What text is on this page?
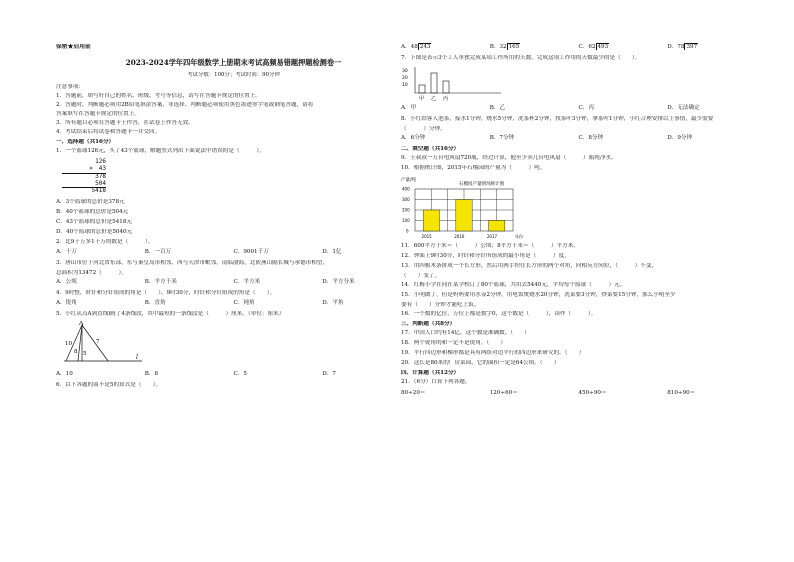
保密★启用前
2023-2024学年四年级数学上册期末考试高频易错题押题检测卷一
考试分数：100分；考试时间：90分钟
注意事项：
1．答题前，填写好自己的姓名、班级、考号等信息，请写在答题卡规定的位置上。
2．答题时，判断题必须用2B铅笔填涂答案，非选择、判断题必须使用黑色墨迹签字笔或钢笔答题，请将
答案填写在答题卡规定的位置上。
3．所有题目必须在答题卡上作答，在试卷上作答无效。
4．考试结束后将试卷和答题卡一并交回。
一、选择题（共16分）
1．一个篮球126元，买了43个篮球，解题竖式列出下面说法中错误的是（　　　）。
126
×　43
378
504
5418
A．3个篮球的总价是378元
B．40个篮球的总价是504元
C．43个篮球的总价是5418元
D．40个篮球的总价是5040元
2．比9千万多1千万的数是（　　　）。
A．十万	B．一百万	C．9001千万	D．1亿
3．唐山市位于河北省东部，东与秦皇岛市相邻，西与天津市毗邻，南临渤海，北依燕山隔长城与承德市相望，
总面积为13472（　　　）。
A．公顷	B．平方千米	C．平方米	D．平方分米
4．9时整，时针和分针组成的角是（　　），9时30分，时针和分针组成的角是（　　）。
A．锐角	B．直角	C．钝角	D．平角
5．小红从点A到直线l画了4条线段，其中最短的一条线段是（　　　）厘米。（单位：厘米）
A
l
10
8 5
7
A．10	B．8	C．5	D．7
6．以下各题的商不是5的算式是（　　）。
A．48 243	B．32 165	C．62 493	D．78 397
7．下图是表示3个工人单独完成某项工作所用的天数，完成这项工作用的天数最少的是（　　）。
30
20
10
甲 乙 丙
A．甲	B．乙	C．丙	D．无法确定
8．小红给客人泡茶，接水1分钟，烧水5分钟，洗茶杯2分钟，找茶叶3分钟，拿茶叶1分钟，小红合理安排以上事情，最少需要
（　　　）分钟。
A．6分钟	B．7分钟	C．8分钟	D．9分钟
二、填空题（共16分）
9．王叔叔一万台电风扇720瓶，经过计算，他至少卖几台电风扇（　　　）瓶纯净水。
10．根据统计图，2015年石榴园的产量为（　　　）吨。
产量/吨
石榴园产量情况统计图
400
300
200
100
0
2015	2016	2017	年份
11．600平方千米＝（　　　）公顷；8平方千米＝（　　　）平方米。
12．钟面上9时30分，时针和分针所组成的最小角是（　　　）度。
13．用四根木条拼成一个长方形，然后用两手捏住长方形的两个对角，向相反方向拉，（　　　）不变，
（　　）变了。
14．红梅小学在同在某学校订了80个篮球，共用去5440元，平均每个篮球（　　　）元。
15．小明做了，但是妈妈要用水壶2分钟，用电饭煲烧水20分钟，洗菜要3分钟，炒菜要15分钟，那么小明至少
要有（　　）分钟才能吃上饭。
16．一个数的亿位，万位上都是数字0，这个数是（　　　），读作（　　　）。
三、判断题（共8分）
17．中国人口约有14亿，这个数是准确数。（　　）
18．两个锐角的和一定不是锐角。（　　）
19．平行四边形和梯形都是具有两组对边平行的四边形来研究的。（　　）
20．这长是80米的厂房菜园，它的面积一定是64公顷。（　　）
四、计算题（共12分）
21．（6分）口算下列各题。
80÷20＝	120÷60＝	450÷90＝	810÷90＝
